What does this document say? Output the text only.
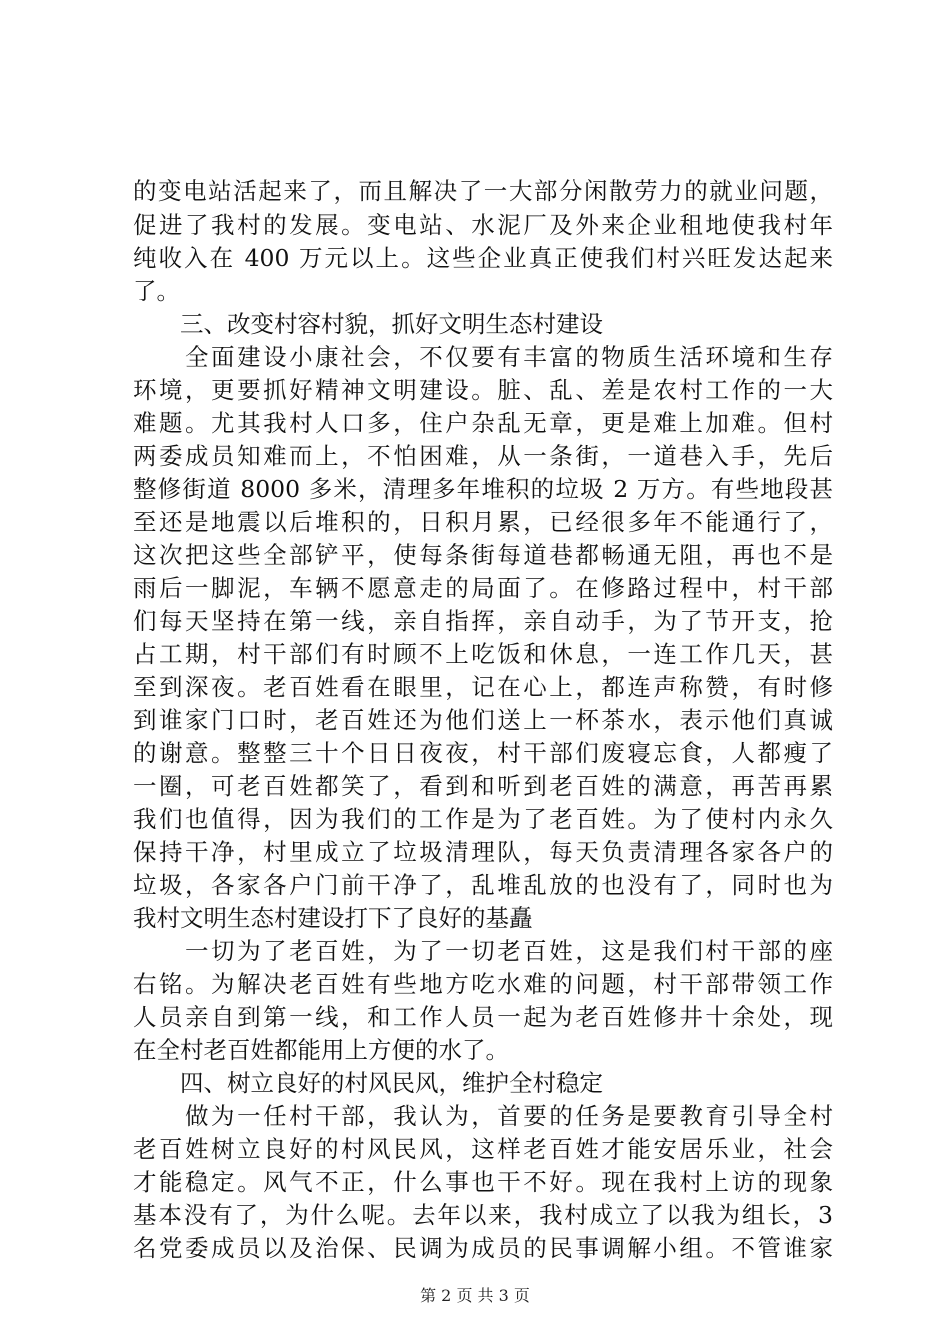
的变电站活起来了，而且解决了一大部分闲散劳力的就业问题，
促进了我村的发展。变电站、水泥厂及外来企业租地使我村年
纯收入在 400 万元以上。这些企业真正使我们村兴旺发达起来
了。
　　三、改变村容村貌，抓好文明生态村建设
　　全面建设小康社会，不仅要有丰富的物质生活环境和生存
环境，更要抓好精神文明建设。脏、乱、差是农村工作的一大
难题。尤其我村人口多，住户杂乱无章，更是难上加难。但村
两委成员知难而上，不怕困难，从一条街，一道巷入手，先后
整修街道 8000 多米，清理多年堆积的垃圾 2 万方。有些地段甚
至还是地震以后堆积的，日积月累，已经很多年不能通行了，
这次把这些全部铲平，使每条街每道巷都畅通无阻，再也不是
雨后一脚泥，车辆不愿意走的局面了。在修路过程中，村干部
们每天坚持在第一线，亲自指挥，亲自动手，为了节开支，抢
占工期，村干部们有时顾不上吃饭和休息，一连工作几天，甚
至到深夜。老百姓看在眼里，记在心上，都连声称赞，有时修
到谁家门口时，老百姓还为他们送上一杯茶水，表示他们真诚
的谢意。整整三十个日日夜夜，村干部们废寝忘食，人都瘦了
一圈，可老百姓都笑了，看到和听到老百姓的满意，再苦再累
我们也值得，因为我们的工作是为了老百姓。为了使村内永久
保持干净，村里成立了垃圾清理队，每天负责清理各家各户的
垃圾，各家各户门前干净了，乱堆乱放的也没有了，同时也为
我村文明生态村建设打下了良好的基矗
　　一切为了老百姓，为了一切老百姓，这是我们村干部的座
右铭。为解决老百姓有些地方吃水难的问题，村干部带领工作
人员亲自到第一线，和工作人员一起为老百姓修井十余处，现
在全村老百姓都能用上方便的水了。
　　四、树立良好的村风民风，维护全村稳定
　　做为一任村干部，我认为，首要的任务是要教育引导全村
老百姓树立良好的村风民风，这样老百姓才能安居乐业，社会
才能稳定。风气不正，什么事也干不好。现在我村上访的现象
基本没有了，为什么呢。去年以来，我村成立了以我为组长，3
名党委成员以及治保、民调为成员的民事调解小组。不管谁家
第 2 页 共 3 页
